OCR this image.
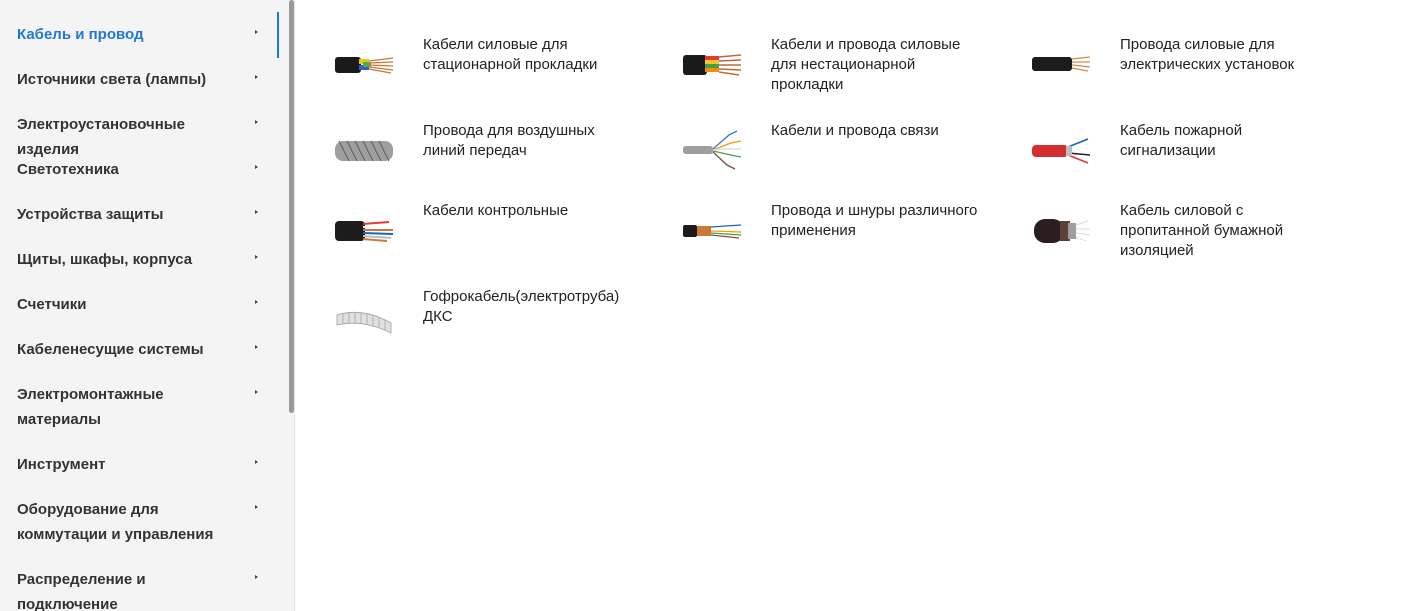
Кабель и провод
Источники света (лампы)
Электроустановочные изделия
Светотехника
Устройства защиты
Щиты, шкафы, корпуса
Счетчики
Кабеленесущие системы
Электромонтажные материалы
Инструмент
Оборудование для коммутации и управления
Распределение и подключение
Кабели силовые для стационарной прокладки
Кабели и провода силовые для нестационарной прокладки
Провода силовые для электрических установок
Провода для воздушных линий передач
Кабели и провода связи	Кабель пожарной сигнализации
Кабели контрольные	Провода и шнуры различного применения
Кабель силовой с пропитанной бумажной изоляцией
Гофрокабель(электротруба) ДКС
